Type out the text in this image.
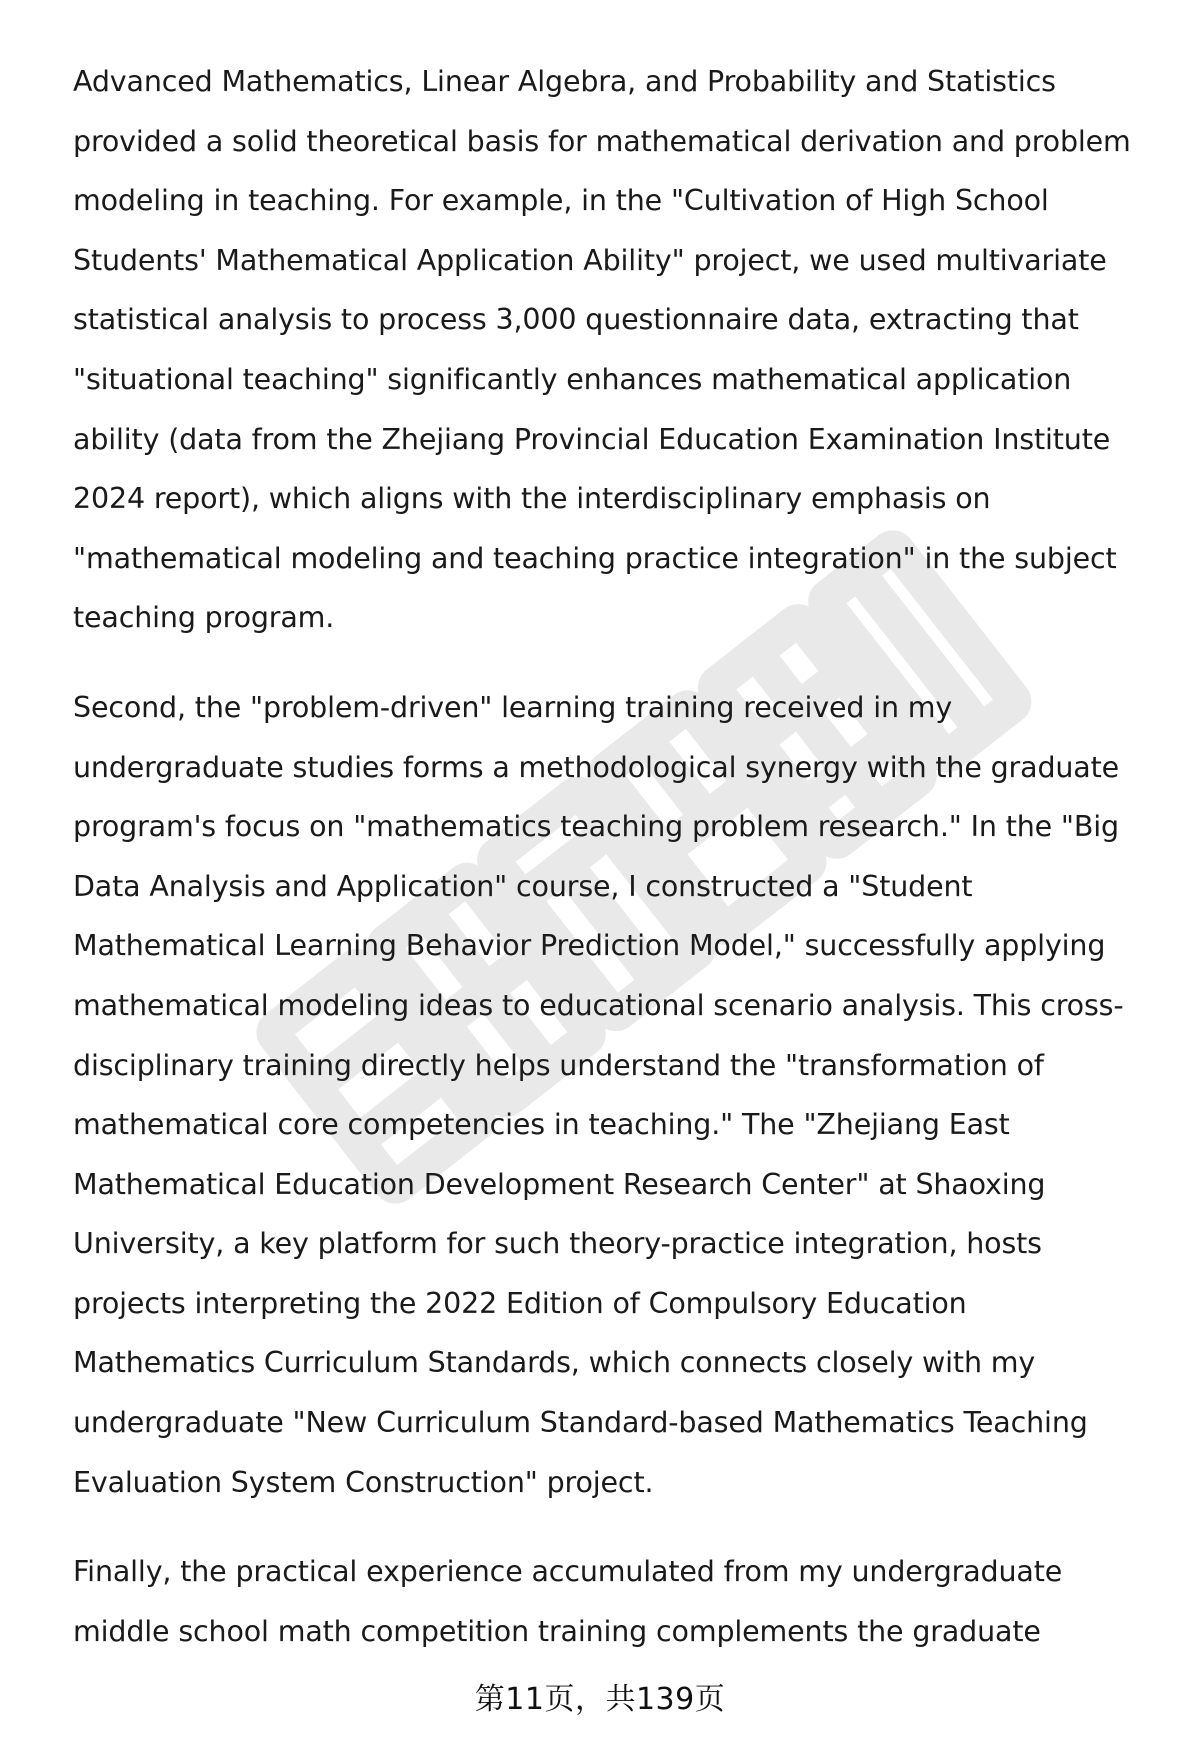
Advanced Mathematics, Linear Algebra, and Probability and Statistics
provided a solid theoretical basis for mathematical derivation and problem
modeling in teaching. For example, in the "Cultivation of High School
Students' Mathematical Application Ability" project, we used multivariate
statistical analysis to process 3,000 questionnaire data, extracting that
"situational teaching" significantly enhances mathematical application
ability (data from the Zhejiang Provincial Education Examination Institute
2024 report), which aligns with the interdisciplinary emphasis on
"mathematical modeling and teaching practice integration" in the subject
teaching program.

Second, the "problem-driven" learning training received in my
undergraduate studies forms a methodological synergy with the graduate
program's focus on "mathematics teaching problem research." In the "Big
Data Analysis and Application" course, I constructed a "Student
Mathematical Learning Behavior Prediction Model," successfully applying
mathematical modeling ideas to educational scenario analysis. This cross-
disciplinary training directly helps understand the "transformation of
mathematical core competencies in teaching." The "Zhejiang East
Mathematical Education Development Research Center" at Shaoxing
University, a key platform for such theory-practice integration, hosts
projects interpreting the 2022 Edition of Compulsory Education
Mathematics Curriculum Standards, which connects closely with my
undergraduate "New Curriculum Standard-based Mathematics Teaching
Evaluation System Construction" project.

Finally, the practical experience accumulated from my undergraduate
middle school math competition training complements the graduate

第11页，共139页
